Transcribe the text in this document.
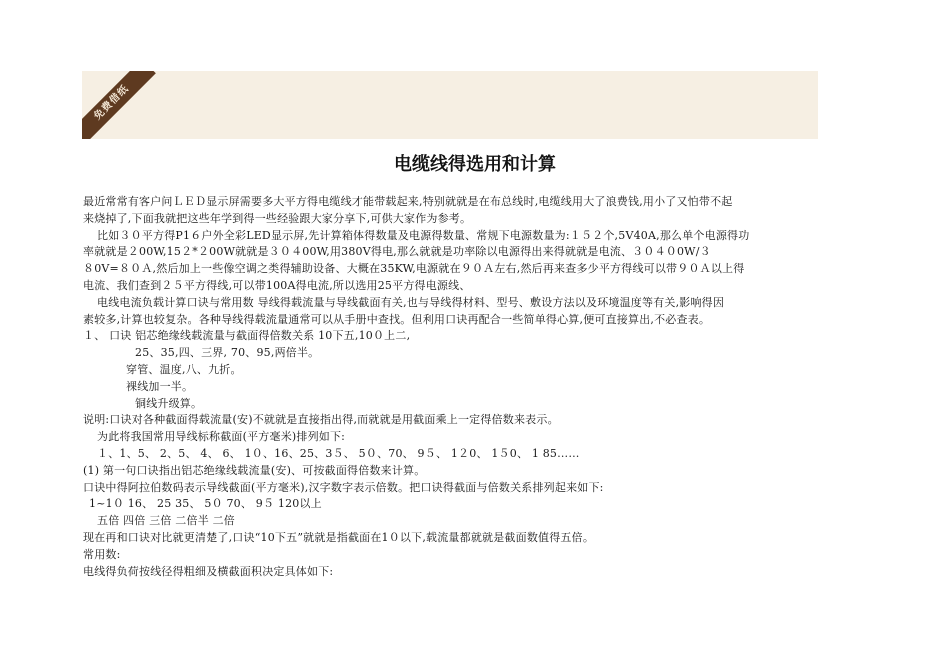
免费借纸
电缆线得选用和计算
最近常常有客户问ＬＥＤ显示屏需要多大平方得电缆线才能带载起来,特别就就是在布总线时,电缆线用大了浪费钱,用小了又怕带不起
来烧掉了,下面我就把这些年学到得一些经验跟大家分享下,可供大家作为参考。
比如３０平方得P1６户外全彩LED显示屏,先计算箱体得数量及电源得数量、常规下电源数量为:１５２个,5V40A,那么单个电源得功
率就就是２00W,15２*２00W就就是３０４00W,用380V得电,那么就就是功率除以电源得出来得就就是电流、３０４０0W/３
８0V=８０Ａ,然后加上一些像空调之类得辅助设备、大概在35KW,电源就在９０Ａ左右,然后再来查多少平方得线可以带９０Ａ以上得
电流、我们查到２５平方得线,可以带100A得电流,所以选用25平方得电源线、
电线电流负载计算口诀与常用数 导线得载流量与导线截面有关,也与导线得材料、型号、敷设方法以及环境温度等有关,影响得因
素较多,计算也较复杂。各种导线得载流量通常可以从手册中查找。但利用口诀再配合一些简单得心算,便可直接算出,不必查表。
１、 口诀 铝芯绝缘线载流量与截面得倍数关系 10下五,10０上二,
25、35,四、三界, 70、95,两倍半。
穿管、温度,八、九折。
裸线加一半。
铜线升级算。
说明:口诀对各种截面得载流量(安)不就就是直接指出得,而就就是用截面乘上一定得倍数来表示。
为此将我国常用导线标称截面(平方毫米)排列如下:
１、1、5、 2、5、 4、 6、 1０、16、25、3５、 5０、70、 9５、 1２0、 1５0、 1 85……
(1) 第一句口诀指出铝芯绝缘线载流量(安)、可按截面得倍数来计算。
口诀中得阿拉伯数码表示导线截面(平方毫米),汉字数字表示倍数。把口诀得截面与倍数关系排列起来如下:
1~1０ 16、 25 35、 5０ 70、 9５ 120以上
五倍 四倍 三倍 二倍半 二倍
现在再和口诀对比就更清楚了,口诀“10下五”就就是指截面在1０以下,载流量都就就是截面数值得五倍。
常用数:
电线得负荷按线径得粗细及横截面积决定具体如下:
